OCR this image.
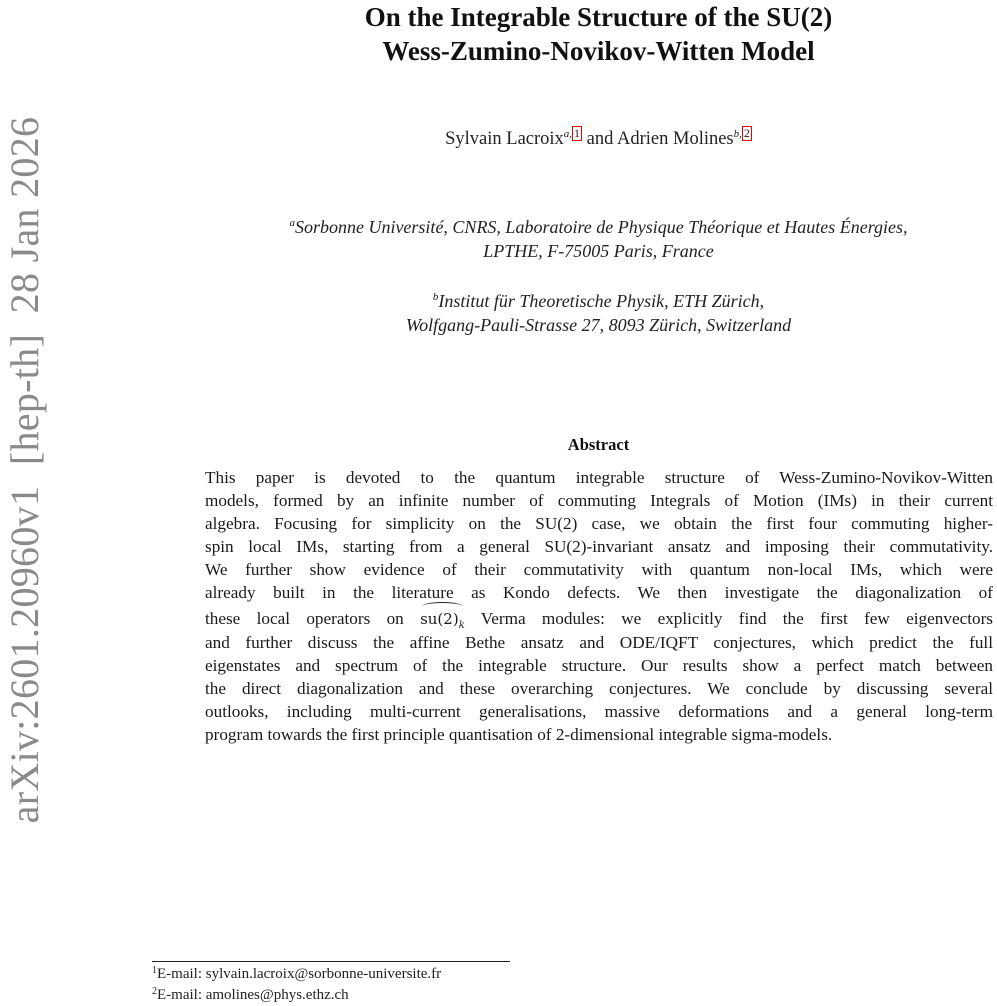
arXiv:2601.20960v1  [hep-th]  28 Jan 2026
On the Integrable Structure of the SU(2)
Wess-Zumino-Novikov-Witten Model
Sylvain Lacroix$^{a, 1}$ and Adrien Molines$^{b, 2}$
$^a$Sorbonne Université, CNRS, Laboratoire de Physique Théorique et Hautes Énergies,
LPTHE, F-75005 Paris, France
$^b$Institut für Theoretische Physik, ETH Zürich,
Wolfgang-Pauli-Strasse 27, 8093 Zürich, Switzerland
Abstract
This paper is devoted to the quantum integrable structure of Wess-Zumino-Novikov-Witten
models, formed by an infinite number of commuting Integrals of Motion (IMs) in their current
algebra. Focusing for simplicity on the SU(2) case, we obtain the first four commuting higher-
spin local IMs, starting from a general SU(2)-invariant ansatz and imposing their commutativity.
We further show evidence of their commutativity with quantum non-local IMs, which were
already built in the literature as Kondo defects. We then investigate the diagonalization of
these local operators on $su(2)_k$ Verma modules: we explicitly find the first few eigenvectors
and further discuss the affine Bethe ansatz and ODE/IQFT conjectures, which predict the full
eigenstates and spectrum of the integrable structure. Our results show a perfect match between
the direct diagonalization and these overarching conjectures. We conclude by discussing several
outlooks, including multi-current generalisations, massive deformations and a general long-term
program towards the first principle quantisation of 2-dimensional integrable sigma-models.
$^1$E-mail: sylvain.lacroix@sorbonne-universite.fr
$^2$E-mail: amolines@phys.ethz.ch
